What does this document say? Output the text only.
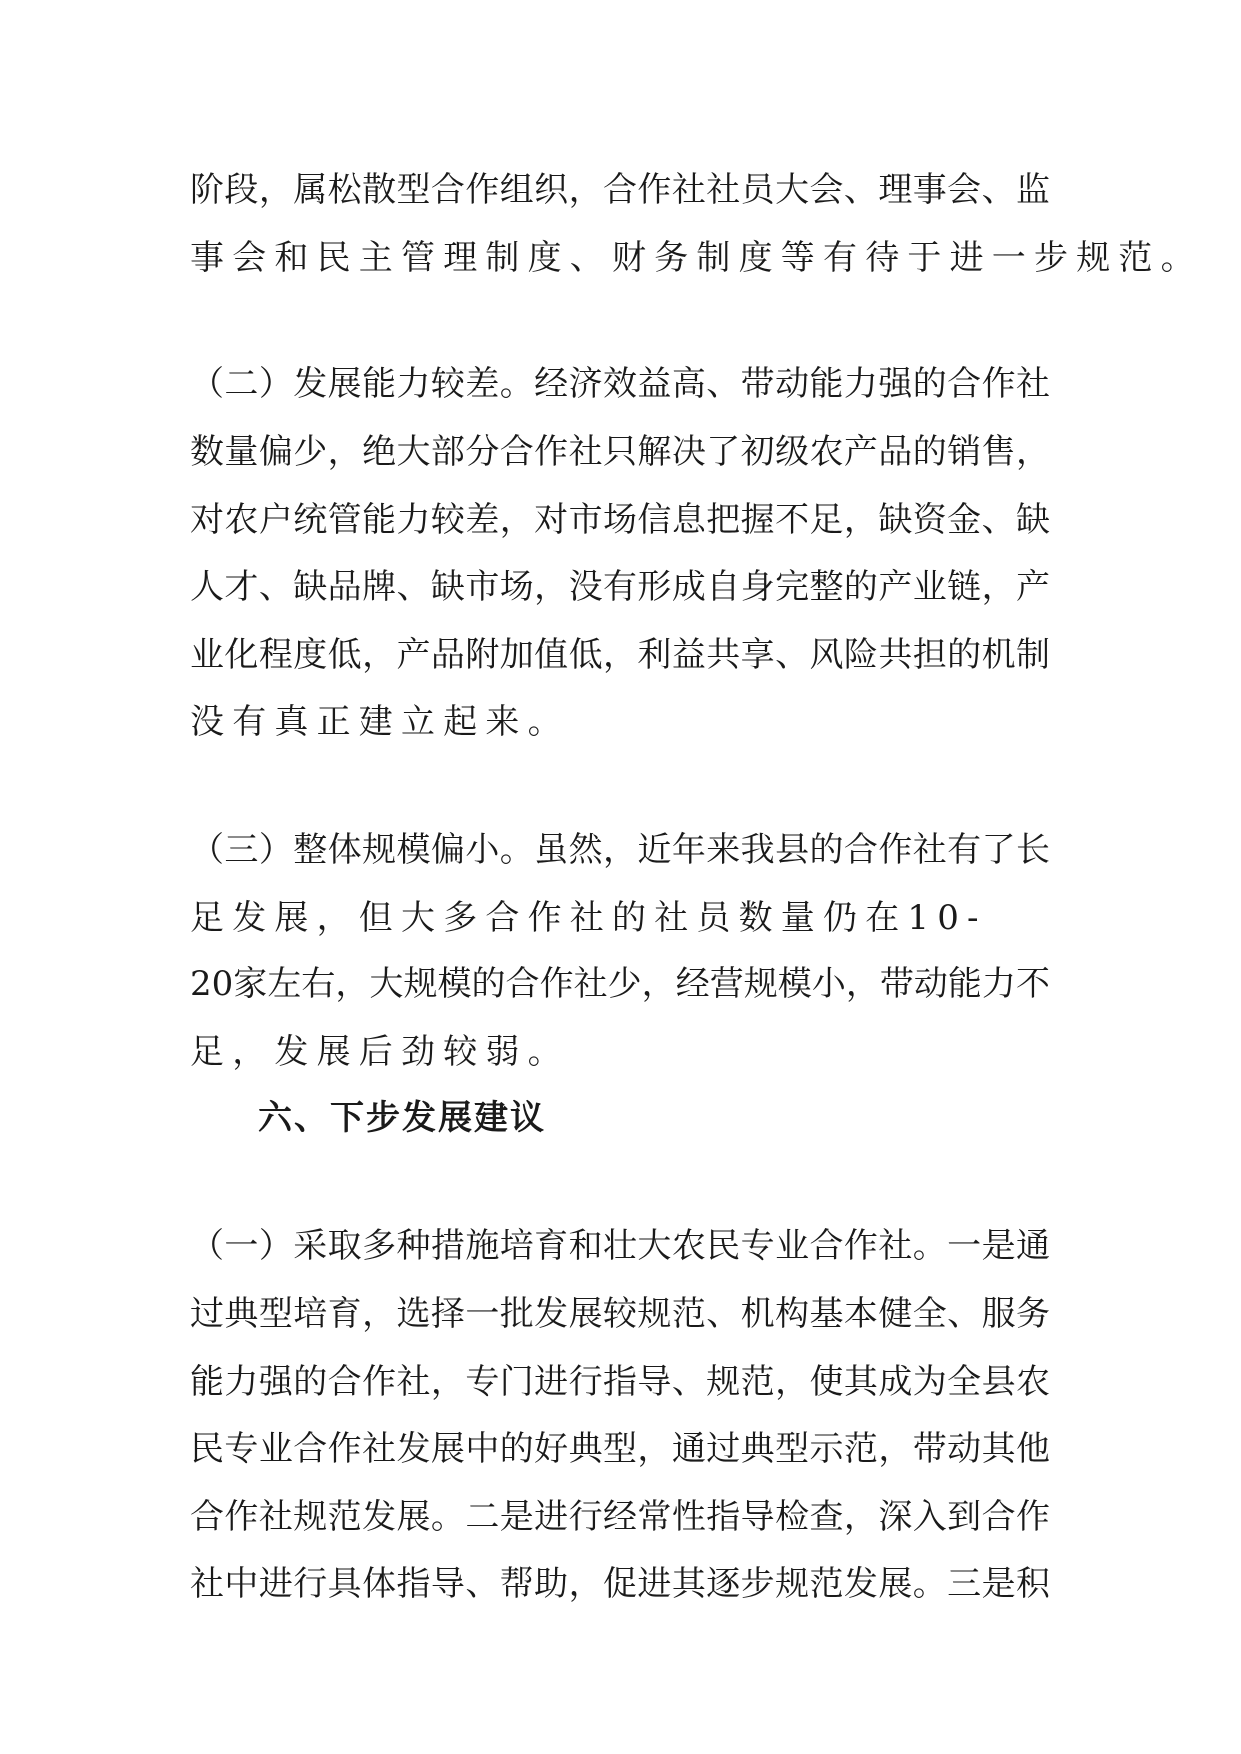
阶段，属松散型合作组织，合作社社员大会、理事会、监
事会和民主管理制度、财务制度等有待于进一步规范。
（二）发展能力较差。经济效益高、带动能力强的合作社
数量偏少，绝大部分合作社只解决了初级农产品的销售，
对农户统管能力较差，对市场信息把握不足，缺资金、缺
人才、缺品牌、缺市场，没有形成自身完整的产业链，产
业化程度低，产品附加值低，利益共享、风险共担的机制
没有真正建立起来。
（三）整体规模偏小。虽然，近年来我县的合作社有了长
足发展，但大多合作社的社员数量仍在10-
20家左右，大规模的合作社少，经营规模小，带动能力不
足，发展后劲较弱。
六、下步发展建议
（一）采取多种措施培育和壮大农民专业合作社。一是通
过典型培育，选择一批发展较规范、机构基本健全、服务
能力强的合作社，专门进行指导、规范，使其成为全县农
民专业合作社发展中的好典型，通过典型示范，带动其他
合作社规范发展。二是进行经常性指导检查，深入到合作
社中进行具体指导、帮助，促进其逐步规范发展。三是积
